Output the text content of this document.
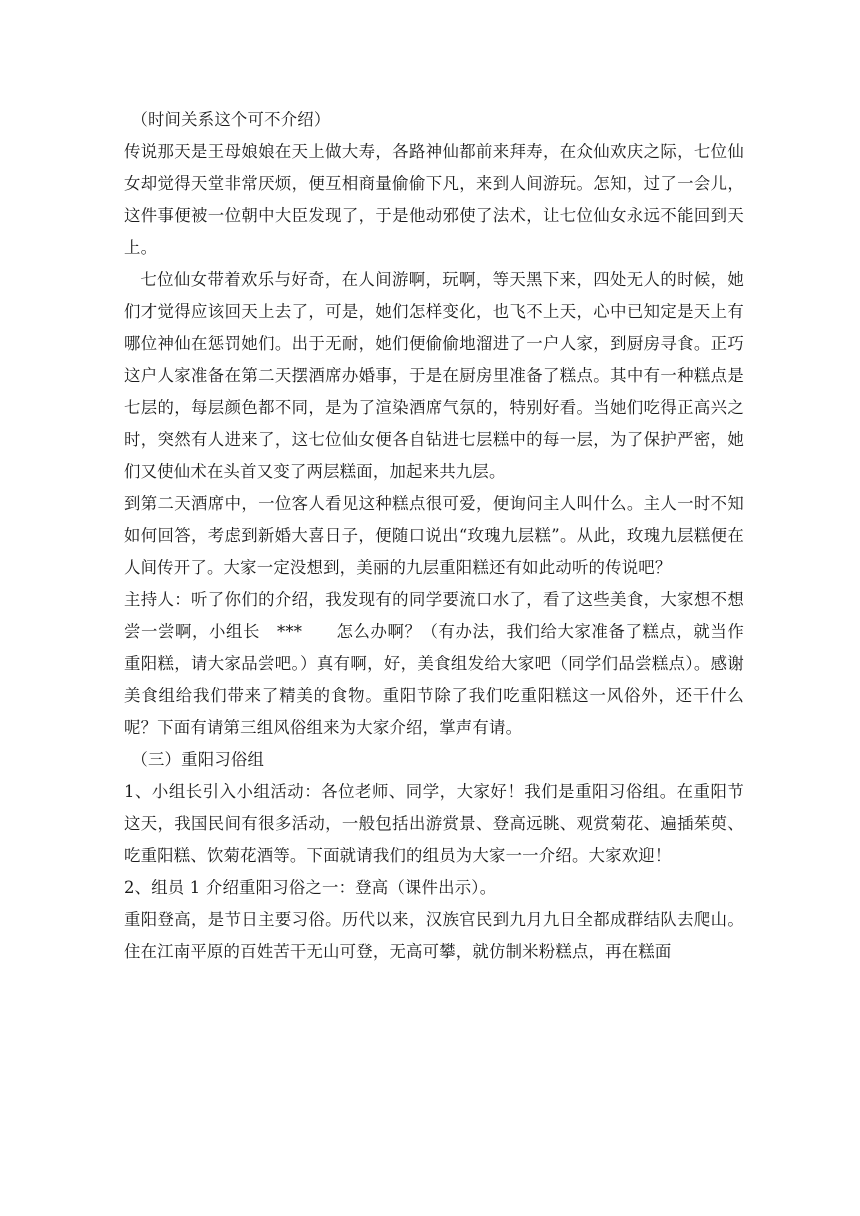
（时间关系这个可不介绍）

传说那天是王母娘娘在天上做大寿，各路神仙都前来拜寿，在众仙欢庆之际，七位仙女却觉得天堂非常厌烦，便互相商量偷偷下凡，来到人间游玩。怎知，过了一会儿，这件事便被一位朝中大臣发现了，于是他动邪使了法术，让七位仙女永远不能回到天上。

七位仙女带着欢乐与好奇，在人间游啊，玩啊，等天黑下来，四处无人的时候，她们才觉得应该回天上去了，可是，她们怎样变化，也飞不上天，心中已知定是天上有哪位神仙在惩罚她们。出于无耐，她们便偷偷地溜进了一户人家，到厨房寻食。正巧这户人家准备在第二天摆酒席办婚事，于是在厨房里准备了糕点。其中有一种糕点是七层的，每层颜色都不同，是为了渲染酒席气氛的，特别好看。当她们吃得正高兴之时，突然有人进来了，这七位仙女便各自钻进七层糕中的每一层，为了保护严密，她们又使仙术在头首又变了两层糕面，加起来共九层。

到第二天酒席中，一位客人看见这种糕点很可爱，便询问主人叫什么。主人一时不知如何回答，考虑到新婚大喜日子，便随口说出“玫瑰九层糕”。从此，玫瑰九层糕便在人间传开了。大家一定没想到，美丽的九层重阳糕还有如此动听的传说吧？

主持人：听了你们的介绍，我发现有的同学要流口水了，看了这些美食，大家想不想尝一尝啊，小组长　***　　怎么办啊？（有办法，我们给大家准备了糕点，就当作重阳糕，请大家品尝吧。）真有啊，好，美食组发给大家吧（同学们品尝糕点）。感谢美食组给我们带来了精美的食物。重阳节除了我们吃重阳糕这一风俗外，还干什么呢？下面有请第三组风俗组来为大家介绍，掌声有请。

（三）重阳习俗组

1、小组长引入小组活动：各位老师、同学，大家好！我们是重阳习俗组。在重阳节这天，我国民间有很多活动，一般包括出游赏景、登高远眺、观赏菊花、遍插茱萸、吃重阳糕、饮菊花酒等。下面就请我们的组员为大家一一介绍。大家欢迎！

2、组员 1 介绍重阳习俗之一：登高（课件出示）。

重阳登高，是节日主要习俗。历代以来，汉族官民到九月九日全都成群结队去爬山。住在江南平原的百姓苦干无山可登，无高可攀，就仿制米粉糕点，再在糕面
